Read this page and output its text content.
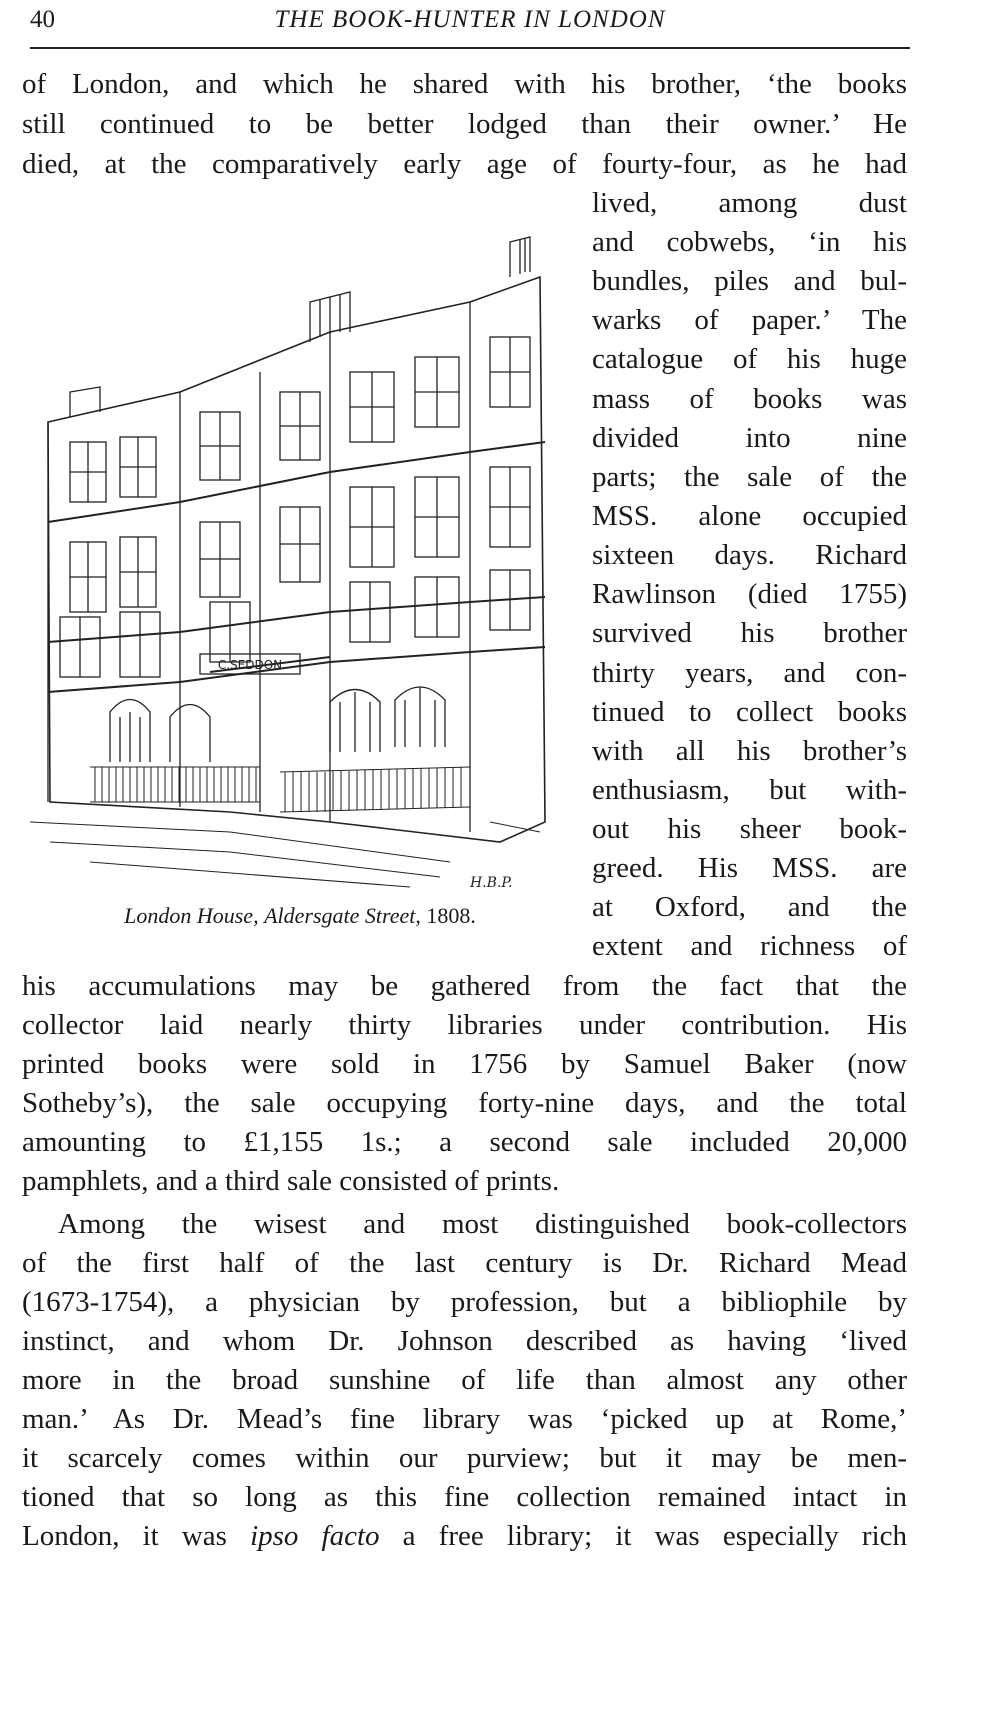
40	THE BOOK-HUNTER IN LONDON
of London, and which he shared with his brother, ‘the books
still continued to be better lodged than their owner.’ He
died, at the comparatively early age of fourty-four, as he had
lived, among dust
and cobwebs, ‘in his
bundles, piles and bul-
warks of paper.’ The
catalogue of his huge
mass of books was
divided into nine
parts; the sale of the
MSS. alone occupied
sixteen days. Richard
Rawlinson (died 1755)
survived his brother
thirty years, and con-
tinued to collect books
with all his brother’s
enthusiasm, but with-
out his sheer book-
greed. His MSS. are
at Oxford, and the
extent and richness of
C.SEDDON
H.B.P.
London House, Aldersgate Street, 1808.
his accumulations may be gathered from the fact that the
collector laid nearly thirty libraries under contribution. His
printed books were sold in 1756 by Samuel Baker (now
Sotheby’s), the sale occupying forty-nine days, and the total
amounting to £1,155 1s.; a second sale included 20,000
pamphlets, and a third sale consisted of prints.
Among the wisest and most distinguished book-collectors
of the first half of the last century is Dr. Richard Mead
(1673-1754), a physician by profession, but a bibliophile by
instinct, and whom Dr. Johnson described as having ‘lived
more in the broad sunshine of life than almost any other
man.’ As Dr. Mead’s fine library was ‘picked up at Rome,’
it scarcely comes within our purview; but it may be men-
tioned that so long as this fine collection remained intact in
London, it was ipso facto a free library; it was especially rich
